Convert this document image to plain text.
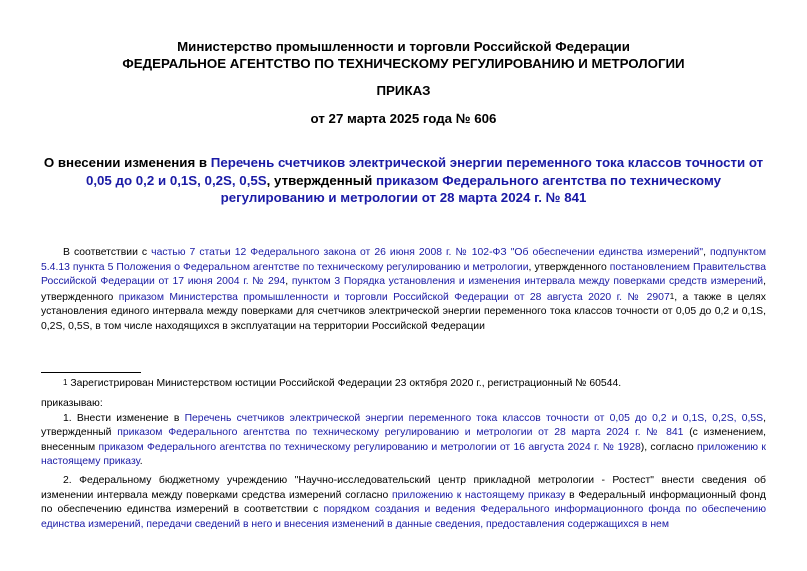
Министерство промышленности и торговли Российской Федерации
ФЕДЕРАЛЬНОЕ АГЕНТСТВО ПО ТЕХНИЧЕСКОМУ РЕГУЛИРОВАНИЮ И МЕТРОЛОГИИ
ПРИКАЗ
от 27 марта 2025 года № 606
О внесении изменения в Перечень счетчиков электрической энергии переменного тока классов точности от 0,05 до 0,2 и 0,1S, 0,2S, 0,5S, утвержденный приказом Федерального агентства по техническому регулированию и метрологии от 28 марта 2024 г. № 841

В соответствии с частью 7 статьи 12 Федерального закона от 26 июня 2008 г. № 102-ФЗ "Об обеспечении единства измерений", подпунктом 5.4.13 пункта 5 Положения о Федеральном агентстве по техническому регулированию и метрологии, утвержденного постановлением Правительства Российской Федерации от 17 июня 2004 г. № 294, пунктом 3 Порядка установления и изменения интервала между поверками средств измерений, утвержденного приказом Министерства промышленности и торговли Российской Федерации от 28 августа 2020 г. № 29071, а также в целях установления единого интервала между поверками для счетчиков электрической энергии переменного тока классов точности от 0,05 до 0,2 и 0,1S, 0,2S, 0,5S, в том числе находящихся в эксплуатации на территории Российской Федерации

1 Зарегистрирован Министерством юстиции Российской Федерации 23 октября 2020 г., регистрационный № 60544.

приказываю:

1. Внести изменение в Перечень счетчиков электрической энергии переменного тока классов точности от 0,05 до 0,2 и 0,1S, 0,2S, 0,5S, утвержденный приказом Федерального агентства по техническому регулированию и метрологии от 28 марта 2024 г. № 841 (с изменением, внесенным приказом Федерального агентства по техническому регулированию и метрологии от 16 августа 2024 г. № 1928), согласно приложению к настоящему приказу.

2. Федеральному бюджетному учреждению "Научно-исследовательский центр прикладной метрологии - Ростест" внести сведения об изменении интервала между поверками средства измерений согласно приложению к настоящему приказу в Федеральный информационный фонд по обеспечению единства измерений в соответствии с порядком создания и ведения Федерального информационного фонда по обеспечению единства измерений, передачи сведений в него и внесения изменений в данные сведения, предоставления содержащихся в нем
